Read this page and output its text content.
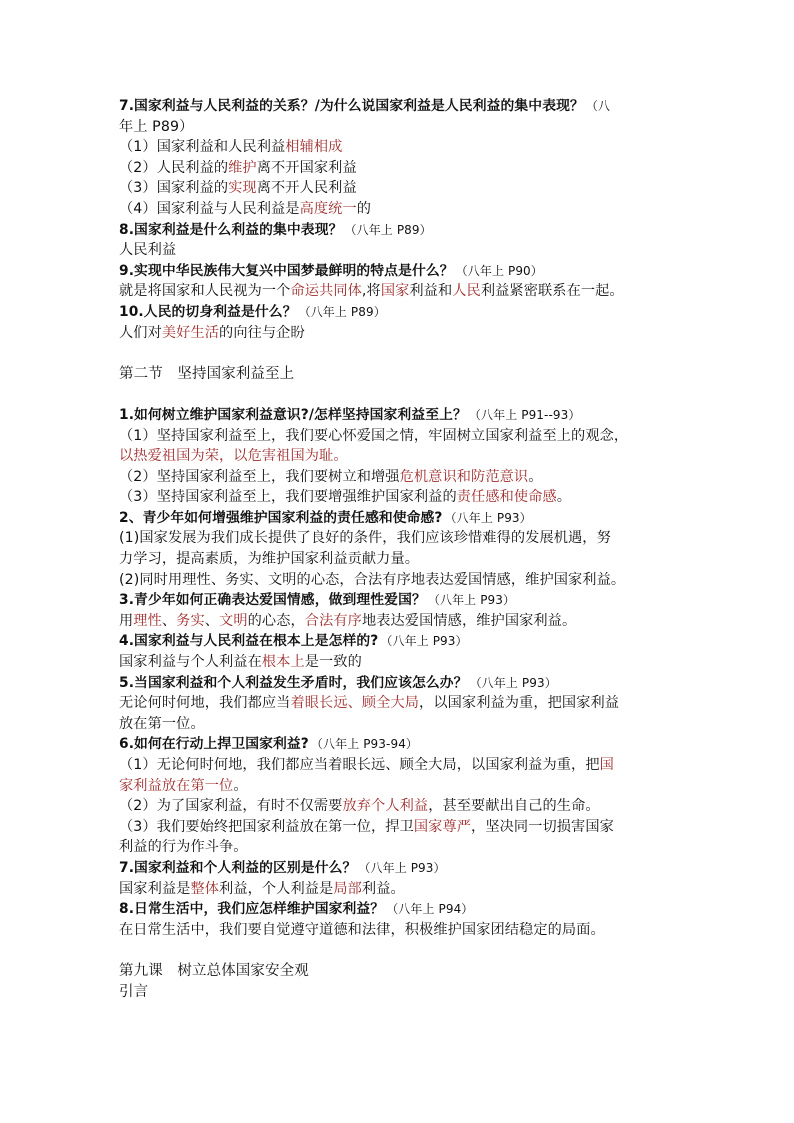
7.国家利益与人民利益的关系？/为什么说国家利益是人民利益的集中表现？ （八
年上 P89）
（1）国家利益和人民利益相辅相成
（2）人民利益的维护离不开国家利益
（3）国家利益的实现离不开人民利益
（4）国家利益与人民利益是高度统一的
8.国家利益是什么利益的集中表现？ （八年上 P89）
人民利益
9.实现中华民族伟大复兴中国梦最鲜明的特点是什么？ （八年上 P90）
就是将国家和人民视为一个命运共同体,将国家利益和人民利益紧密联系在一起。
10.人民的切身利益是什么？ （八年上 P89）
人们对美好生活的向往与企盼
第二节　坚持国家利益至上
1.如何树立维护国家利益意识?/怎样坚持国家利益至上？ （八年上 P91--93）
（1）坚持国家利益至上，我们要心怀爱国之情，牢固树立国家利益至上的观念，
以热爱祖国为荣，以危害祖国为耻。
（2）坚持国家利益至上，我们要树立和增强危机意识和防范意识。
（3）坚持国家利益至上，我们要增强维护国家利益的责任感和使命感。
2、青少年如何增强维护国家利益的责任感和使命感? （八年上 P93）
(1)国家发展为我们成长提供了良好的条件，我们应该珍惜难得的发展机遇，努
力学习，提高素质，为维护国家利益贡献力量。
(2)同时用理性、务实、文明的心态，合法有序地表达爱国情感，维护国家利益。
3.青少年如何正确表达爱国情感，做到理性爱国？ （八年上 P93）
用理性、务实、文明的心态，合法有序地表达爱国情感，维护国家利益。
4.国家利益与人民利益在根本上是怎样的? （八年上 P93）
国家利益与个人利益在根本上是一致的
5.当国家利益和个人利益发生矛盾时，我们应该怎么办？ （八年上 P93）
无论何时何地，我们都应当着眼长远、顾全大局，以国家利益为重，把国家利益
放在第一位。
6.如何在行动上捍卫国家利益? （八年上 P93-94）
（1）无论何时何地，我们都应当着眼长远、顾全大局，以国家利益为重，把国
家利益放在第一位。
（2）为了国家利益，有时不仅需要放弃个人利益，甚至要献出自己的生命。
（3）我们要始终把国家利益放在第一位，捍卫国家尊严，坚决同一切损害国家
利益的行为作斗争。
7.国家利益和个人利益的区别是什么？ （八年上 P93）
国家利益是整体利益，个人利益是局部利益。
8.日常生活中，我们应怎样维护国家利益？ （八年上 P94）
在日常生活中，我们要自觉遵守道德和法律，积极维护国家团结稳定的局面。
第九课　树立总体国家安全观
引言
